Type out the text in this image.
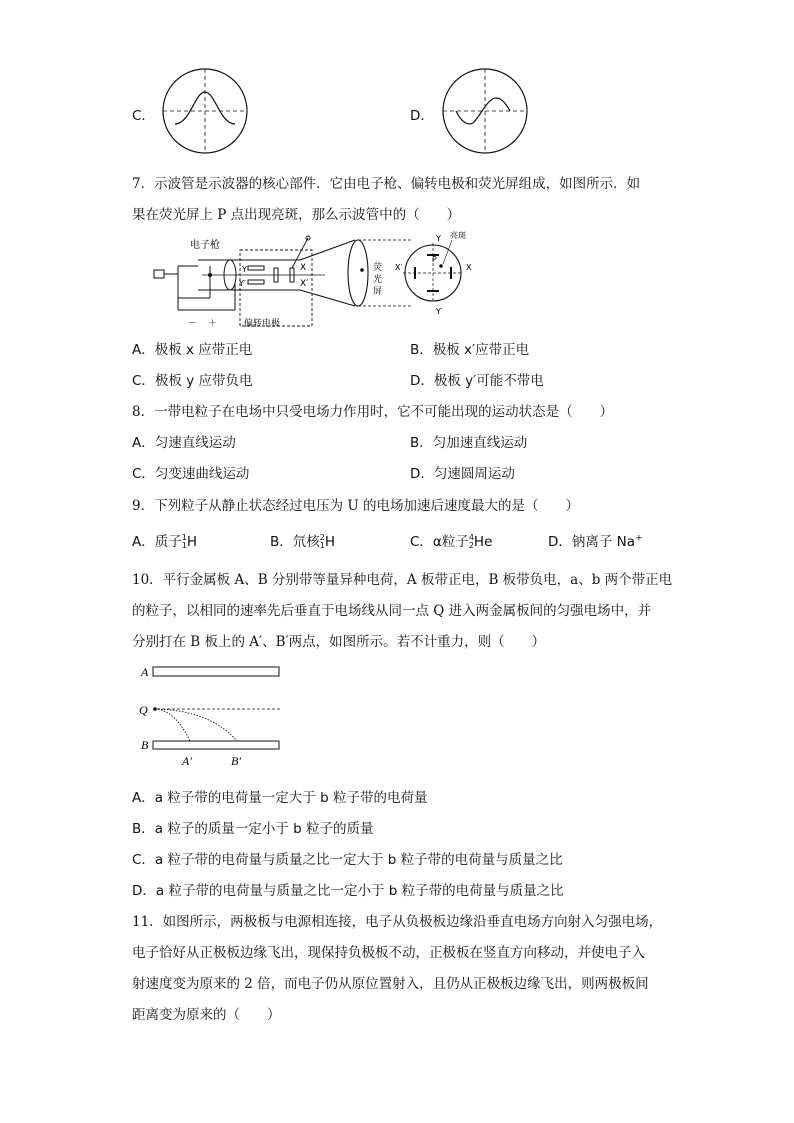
C．	D．
7．示波管是示波器的核心部件．它由电子枪、偏转电极和荧光屏组成，如图所示．如
果在荧光屏上 P 点出现亮斑，那么示波管中的（　　）
电子枪
－ ＋
Y
Y′
X
X′
偏转电极
荧
光
屏
P
Y
Y′
X′	X
亮斑
A．极板 x 应带正电	B．极板 x′应带正电
C．极板 y 应带负电	D．极板 y′可能不带电
8．一带电粒子在电场中只受电场力作用时，它不可能出现的运动状态是（　　）
A．匀速直线运动	B．匀加速直线运动
C．匀变速曲线运动	D．匀速圆周运动
9．下列粒子从静止状态经过电压为 U 的电场加速后速度最大的是（　　）
A．质子1
1H	B．氘核2
1H	C．α粒子4
2He	D．钠离子 Na+
10．平行金属板 A、B 分别带等量异种电荷，A 板带正电，B 板带负电，a、b 两个带正电
的粒子，以相同的速率先后垂直于电场线从同一点 Q 进入两金属板间的匀强电场中，并
分别打在 B 板上的 A′、B′两点，如图所示。若不计重力，则（　　）
A
Q
B
A′	B′
A．a 粒子带的电荷量一定大于 b 粒子带的电荷量
B．a 粒子的质量一定小于 b 粒子的质量
C．a 粒子带的电荷量与质量之比一定大于 b 粒子带的电荷量与质量之比
D．a 粒子带的电荷量与质量之比一定小于 b 粒子带的电荷量与质量之比
11．如图所示，两极板与电源相连接，电子从负极板边缘沿垂直电场方向射入匀强电场，
电子恰好从正极板边缘飞出，现保持负极板不动，正极板在竖直方向移动，并使电子入
射速度变为原来的 2 倍，而电子仍从原位置射入，且仍从正极板边缘飞出，则两极板间
距离变为原来的（　　）
